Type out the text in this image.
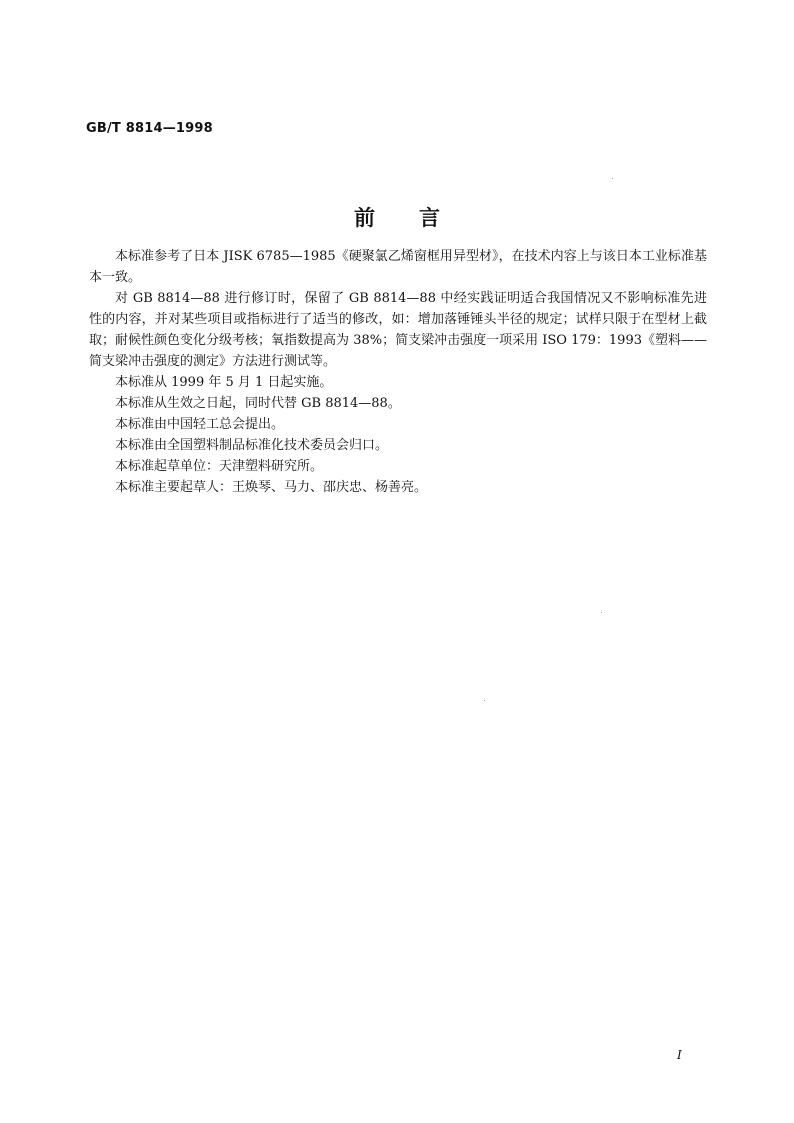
GB/T 8814—1998
前言

本标准参考了日本 JISK 6785—1985《硬聚氯乙烯窗框用异型材》，在技术内容上与该日本工业标准基本一致。

对 GB 8814—88 进行修订时，保留了 GB 8814—88 中经实践证明适合我国情况又不影响标准先进性的内容，并对某些项目或指标进行了适当的修改，如：增加落锤锤头半径的规定；试样只限于在型材上截取；耐候性颜色变化分级考核；氧指数提高为 38%；简支梁冲击强度一项采用 ISO 179：1993《塑料——简支梁冲击强度的测定》方法进行测试等。

本标准从 1999 年 5 月 1 日起实施。

本标准从生效之日起，同时代替 GB 8814—88。

本标准由中国轻工总会提出。

本标准由全国塑料制品标准化技术委员会归口。

本标准起草单位：天津塑料研究所。

本标准主要起草人：王焕琴、马力、邵庆忠、杨善亮。

I
